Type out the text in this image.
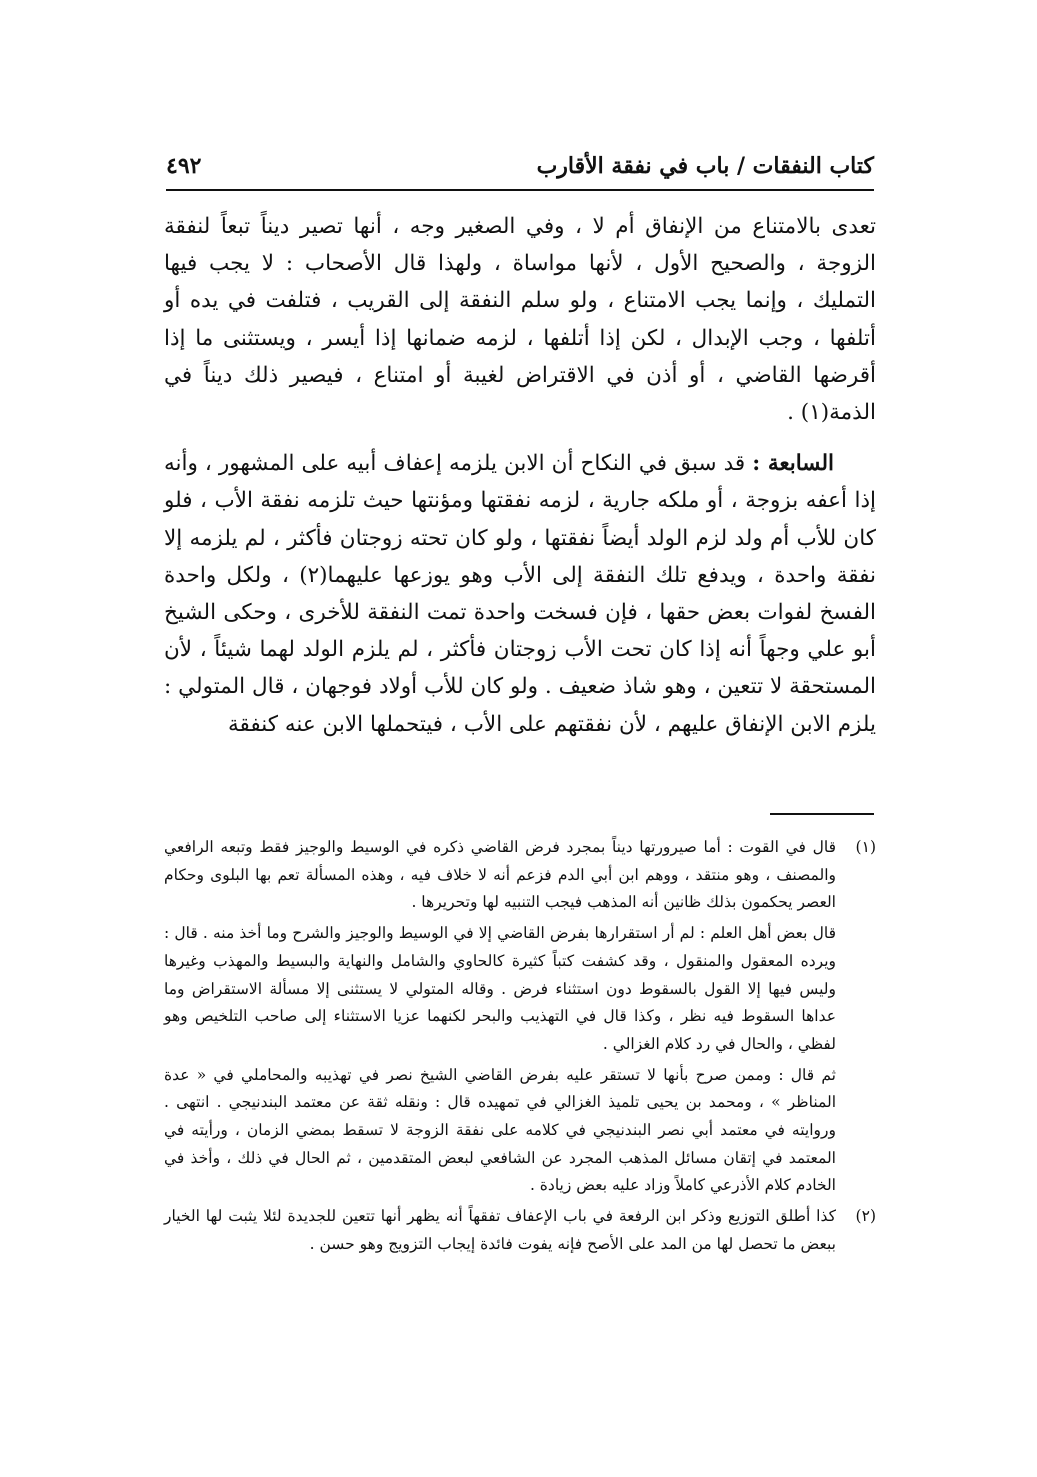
كتاب النفقات / باب في نفقة الأقارب
٤٩٢

تعدى بالامتناع من الإنفاق أم لا ، وفي الصغير وجه ، أنها تصير ديناً تبعاً لنفقة الزوجة ، والصحيح الأول ، لأنها مواساة ، ولهذا قال الأصحاب : لا يجب فيها التمليك ، وإنما يجب الامتناع ، ولو سلم النفقة إلى القريب ، فتلفت في يده أو أتلفها ، وجب الإبدال ، لكن إذا أتلفها ، لزمه ضمانها إذا أيسر ، ويستثنى ما إذا أقرضها القاضي ، أو أذن في الاقتراض لغيبة أو امتناع ، فيصير ذلك ديناً في الذمة(١) .

السابعة : قد سبق في النكاح أن الابن يلزمه إعفاف أبيه على المشهور ، وأنه إذا أعفه بزوجة ، أو ملكه جارية ، لزمه نفقتها ومؤنتها حيث تلزمه نفقة الأب ، فلو كان للأب أم ولد لزم الولد أيضاً نفقتها ، ولو كان تحته زوجتان فأكثر ، لم يلزمه إلا نفقة واحدة ، ويدفع تلك النفقة إلى الأب وهو يوزعها عليهما(٢) ، ولكل واحدة الفسخ لفوات بعض حقها ، فإن فسخت واحدة تمت النفقة للأخرى ، وحكى الشيخ أبو علي وجهاً أنه إذا كان تحت الأب زوجتان فأكثر ، لم يلزم الولد لهما شيئاً ، لأن المستحقة لا تتعين ، وهو شاذ ضعيف . ولو كان للأب أولاد فوجهان ، قال المتولي : يلزم الابن الإنفاق عليهم ، لأن نفقتهم على الأب ، فيتحملها الابن عنه كنفقة

(١)

قال في القوت : أما صيرورتها ديناً بمجرد فرض القاضي ذكره في الوسيط والوجيز فقط وتبعه الرافعي والمصنف ، وهو منتقد ، ووهم ابن أبي الدم فزعم أنه لا خلاف فيه ، وهذه المسألة تعم بها البلوى وحكام العصر يحكمون بذلك ظانين أنه المذهب فيجب التنبيه لها وتحريرها .

قال بعض أهل العلم : لم أر استقرارها بفرض القاضي إلا في الوسيط والوجيز والشرح وما أخذ منه . قال : ويرده المعقول والمنقول ، وقد كشفت كتباً كثيرة كالحاوي والشامل والنهاية والبسيط والمهذب وغيرها وليس فيها إلا القول بالسقوط دون استثناء فرض . وقاله المتولي لا يستثنى إلا مسألة الاستقراض وما عداها السقوط فيه نظر ، وكذا قال في التهذيب والبحر لكنهما عزيا الاستثناء إلى صاحب التلخيص وهو لفظي ، والحال في رد كلام الغزالي .

ثم قال : وممن صرح بأنها لا تستقر عليه بفرض القاضي الشيخ نصر في تهذيبه والمحاملي في « عدة المناظر » ، ومحمد بن يحيى تلميذ الغزالي في تمهيده قال : ونقله ثقة عن معتمد البندنيجي . انتهى . وروايته في معتمد أبي نصر البندنيجي في كلامه على نفقة الزوجة لا تسقط بمضي الزمان ، ورأيته في المعتمد في إتقان مسائل المذهب المجرد عن الشافعي لبعض المتقدمين ، ثم الحال في ذلك ، وأخذ في الخادم كلام الأذرعي كاملاً وزاد عليه بعض زيادة .

(٢)

كذا أطلق التوزيع وذكر ابن الرفعة في باب الإعفاف تفقهاً أنه يظهر أنها تتعين للجديدة لئلا يثبت لها الخيار ببعض ما تحصل لها من المد على الأصح فإنه يفوت فائدة إيجاب التزويج وهو حسن .
